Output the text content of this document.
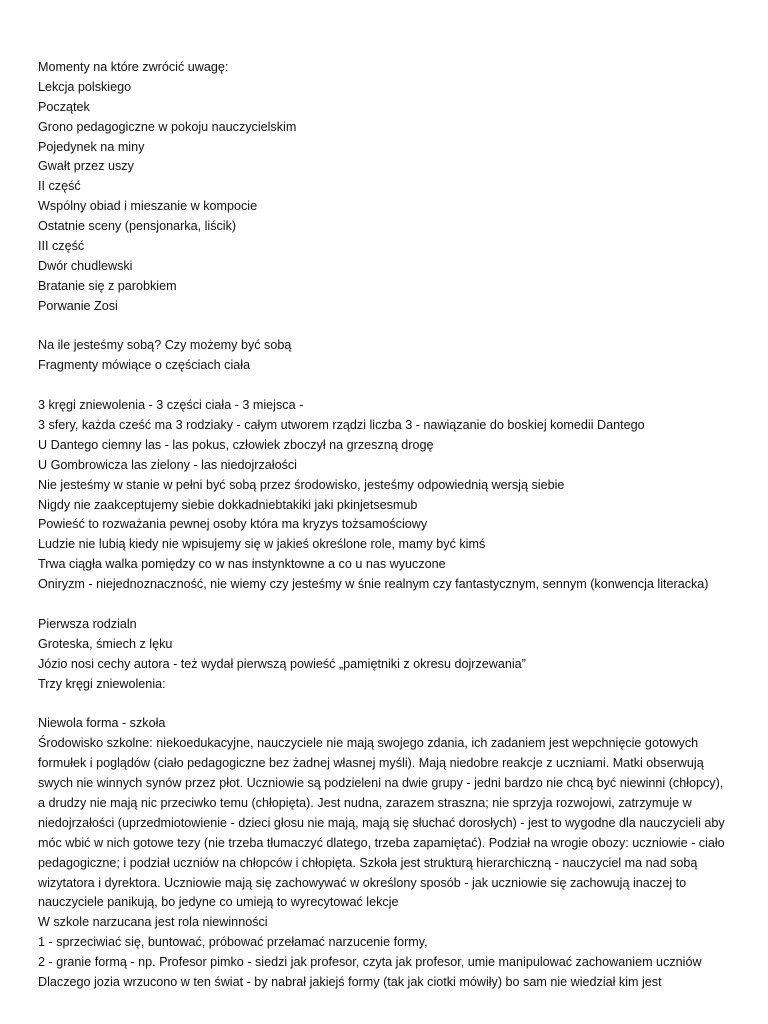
Momenty na które zwrócić uwagę:
Lekcja polskiego
Początek
Grono pedagogiczne w pokoju nauczycielskim
Pojedynek na miny
Gwałt przez uszy
II część
Wspólny obiad i mieszanie w kompocie
Ostatnie sceny (pensjonarka, liścik)
III część
Dwór chudlewski
Bratanie się z parobkiem
Porwanie Zosi
Na ile jesteśmy sobą? Czy możemy być sobą
Fragmenty mówiące o częściach ciała
3 kręgi zniewolenia - 3 części ciała - 3 miejsca -
3 sfery, każda cześć ma 3 rodziaky - całym utworem rządzi liczba 3 - nawiązanie do boskiej komedii Dantego
U Dantego ciemny las - las pokus, człowiek zboczył na grzeszną drogę
U Gombrowicza las zielony - las niedojrzałości
Nie jesteśmy w stanie w pełni być sobą przez środowisko, jesteśmy odpowiednią wersją siebie
Nigdy nie zaakceptujemy siebie dokkadniebtakiki jaki pkinjetsesmub
Powieść to rozważania pewnej osoby która ma kryzys tożsamościowy
Ludzie nie lubią kiedy nie wpisujemy się w jakieś określone role, mamy być kimś
Trwa ciągła walka pomiędzy co w nas instynktowne a co u nas wyuczone
Oniryzm - niejednoznaczność, nie wiemy czy jesteśmy w śnie realnym czy fantastycznym, sennym (konwencja literacka)
Pierwsza rodzialn
Groteska, śmiech z lęku
Józio nosi cechy autora - też wydał pierwszą powieść „pamiętniki z okresu dojrzewania”
Trzy kręgi zniewolenia:
Niewola forma - szkoła
Środowisko szkolne: niekoedukacyjne, nauczyciele nie mają swojego zdania, ich zadaniem jest wepchnięcie gotowych
formułek i poglądów (ciało pedagogiczne bez żadnej własnej myśli). Mają niedobre reakcje z uczniami. Matki obserwują
swych nie winnych synów przez płot. Uczniowie są podzieleni na dwie grupy - jedni bardzo nie chcą być niewinni (chłopcy),
a drudzy nie mają nic przeciwko temu (chłopięta). Jest nudna, zarazem straszna; nie sprzyja rozwojowi, zatrzymuje w
niedojrzałości (uprzedmiotowienie - dzieci głosu nie mają, mają się słuchać dorosłych) - jest to wygodne dla nauczycieli aby
móc wbić w nich gotowe tezy (nie trzeba tłumaczyć dlatego, trzeba zapamiętać). Podział na wrogie obozy: uczniowie - ciało
pedagogiczne; i podział uczniów na chłopców i chłopięta. Szkoła jest strukturą hierarchiczną - nauczyciel ma nad sobą
wizytatora i dyrektora. Uczniowie mają się zachowywać w określony sposób - jak uczniowie się zachowują inaczej to
nauczyciele panikują, bo jedyne co umieją to wyrecytować lekcje
W szkole narzucana jest rola niewinności
1 - sprzeciwiać się, buntować, próbować przełamać narzucenie formy,
2 - granie formą - np. Profesor pimko - siedzi jak profesor, czyta jak profesor, umie manipulować zachowaniem uczniów
Dlaczego jozia wrzucono w ten świat - by nabrał jakiejś formy (tak jak ciotki mówiły) bo sam nie wiedział kim jest
